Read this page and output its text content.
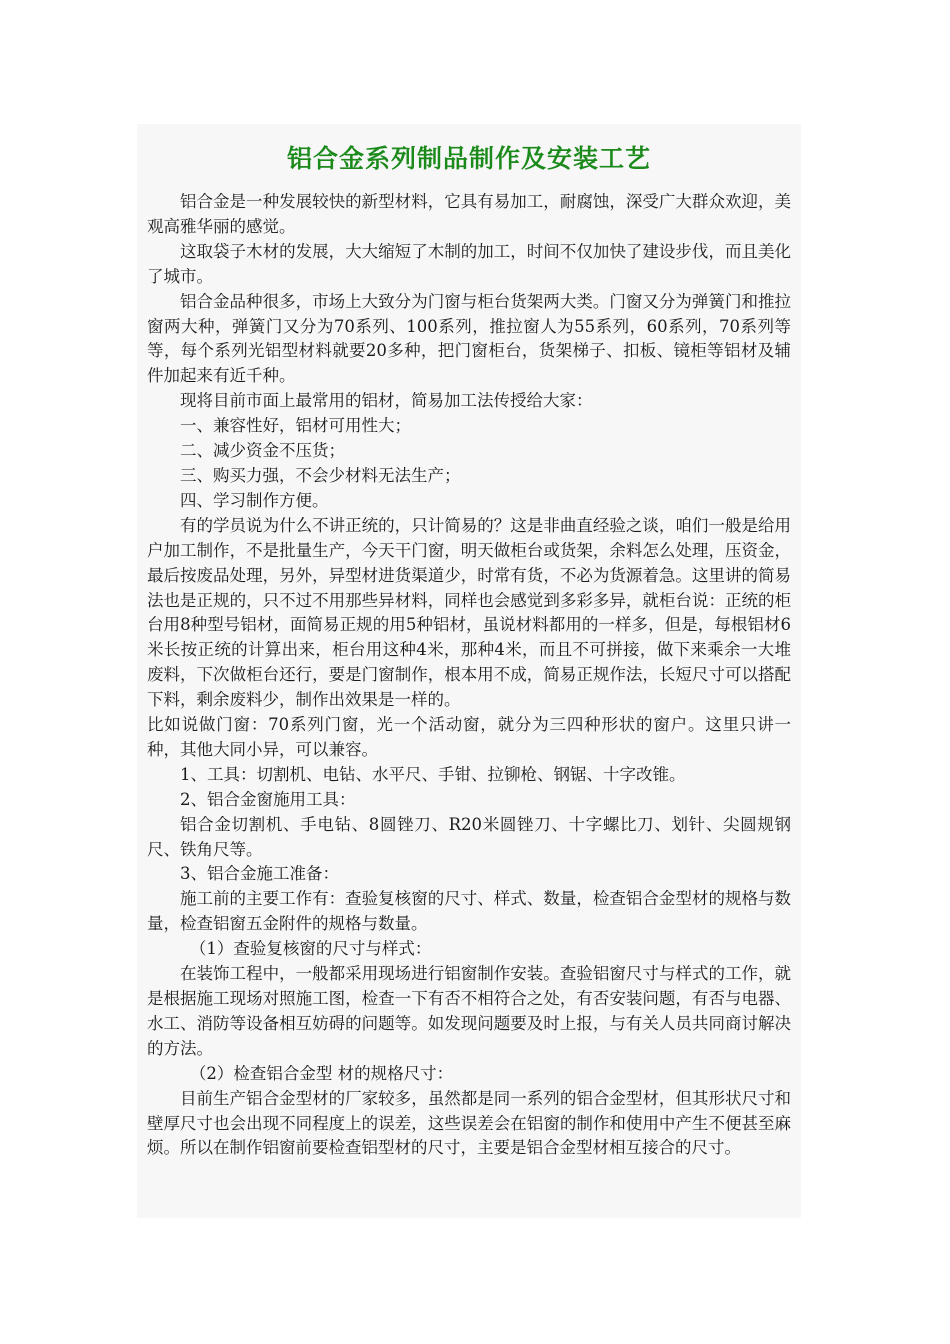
铝合金系列制品制作及安装工艺

铝合金是一种发展较快的新型材料，它具有易加工，耐腐蚀，深受广大群众欢迎，美观高雅华丽的感觉。

这取袋子木材的发展，大大缩短了木制的加工，时间不仅加快了建设步伐，而且美化了城市。

铝合金品种很多，市场上大致分为门窗与柜台货架两大类。门窗又分为弹簧门和推拉窗两大种，弹簧门又分为70系列、100系列，推拉窗人为55系列，60系列，70系列等等，每个系列光铝型材料就要20多种，把门窗柜台，货架梯子、扣板、镜柜等铝材及辅件加起来有近千种。

现将目前市面上最常用的铝材，简易加工法传授给大家：

一、兼容性好，铝材可用性大；

二、减少资金不压货；

三、购买力强，不会少材料无法生产；

四、学习制作方便。

有的学员说为什么不讲正统的，只计简易的？这是非曲直经验之谈，咱们一般是给用户加工制作，不是批量生产，今天干门窗，明天做柜台或货架，余料怎么处理，压资金，最后按废品处理，另外，异型材进货渠道少，时常有货，不必为货源着急。这里讲的简易法也是正规的，只不过不用那些异材料，同样也会感觉到多彩多异，就柜台说：正统的柜台用8种型号铝材，面简易正规的用5种铝材，虽说材料都用的一样多，但是，每根铝材6米长按正统的计算出来，柜台用这种4米，那种4米，而且不可拼接，做下来乘余一大堆废料，下次做柜台还行，要是门窗制作，根本用不成，简易正规作法，长短尺寸可以搭配下料，剩余废料少，制作出效果是一样的。

比如说做门窗：70系列门窗，光一个活动窗，就分为三四种形状的窗户。这里只讲一种，其他大同小异，可以兼容。

1、工具：切割机、电钻、水平尺、手钳、拉铆枪、钢锯、十字改锥。

2、铝合金窗施用工具：

铝合金切割机、手电钻、8圆锉刀、R20米圆锉刀、十字螺比刀、划针、尖圆规钢尺、铁角尺等。

3、铝合金施工准备：

施工前的主要工作有：查验复核窗的尺寸、样式、数量，检查铝合金型材的规格与数量，检查铝窗五金附件的规格与数量。

（1）查验复核窗的尺寸与样式：

在装饰工程中，一般都采用现场进行铝窗制作安装。查验铝窗尺寸与样式的工作，就是根据施工现场对照施工图，检查一下有否不相符合之处，有否安装问题，有否与电器、水工、消防等设备相互妨碍的问题等。如发现问题要及时上报，与有关人员共同商讨解决的方法。

（2）检查铝合金型 材的规格尺寸：

目前生产铝合金型材的厂家较多，虽然都是同一系列的铝合金型材，但其形状尺寸和壁厚尺寸也会出现不同程度上的误差，这些误差会在铝窗的制作和使用中产生不便甚至麻烦。所以在制作铝窗前要检查铝型材的尺寸，主要是铝合金型材相互接合的尺寸。
